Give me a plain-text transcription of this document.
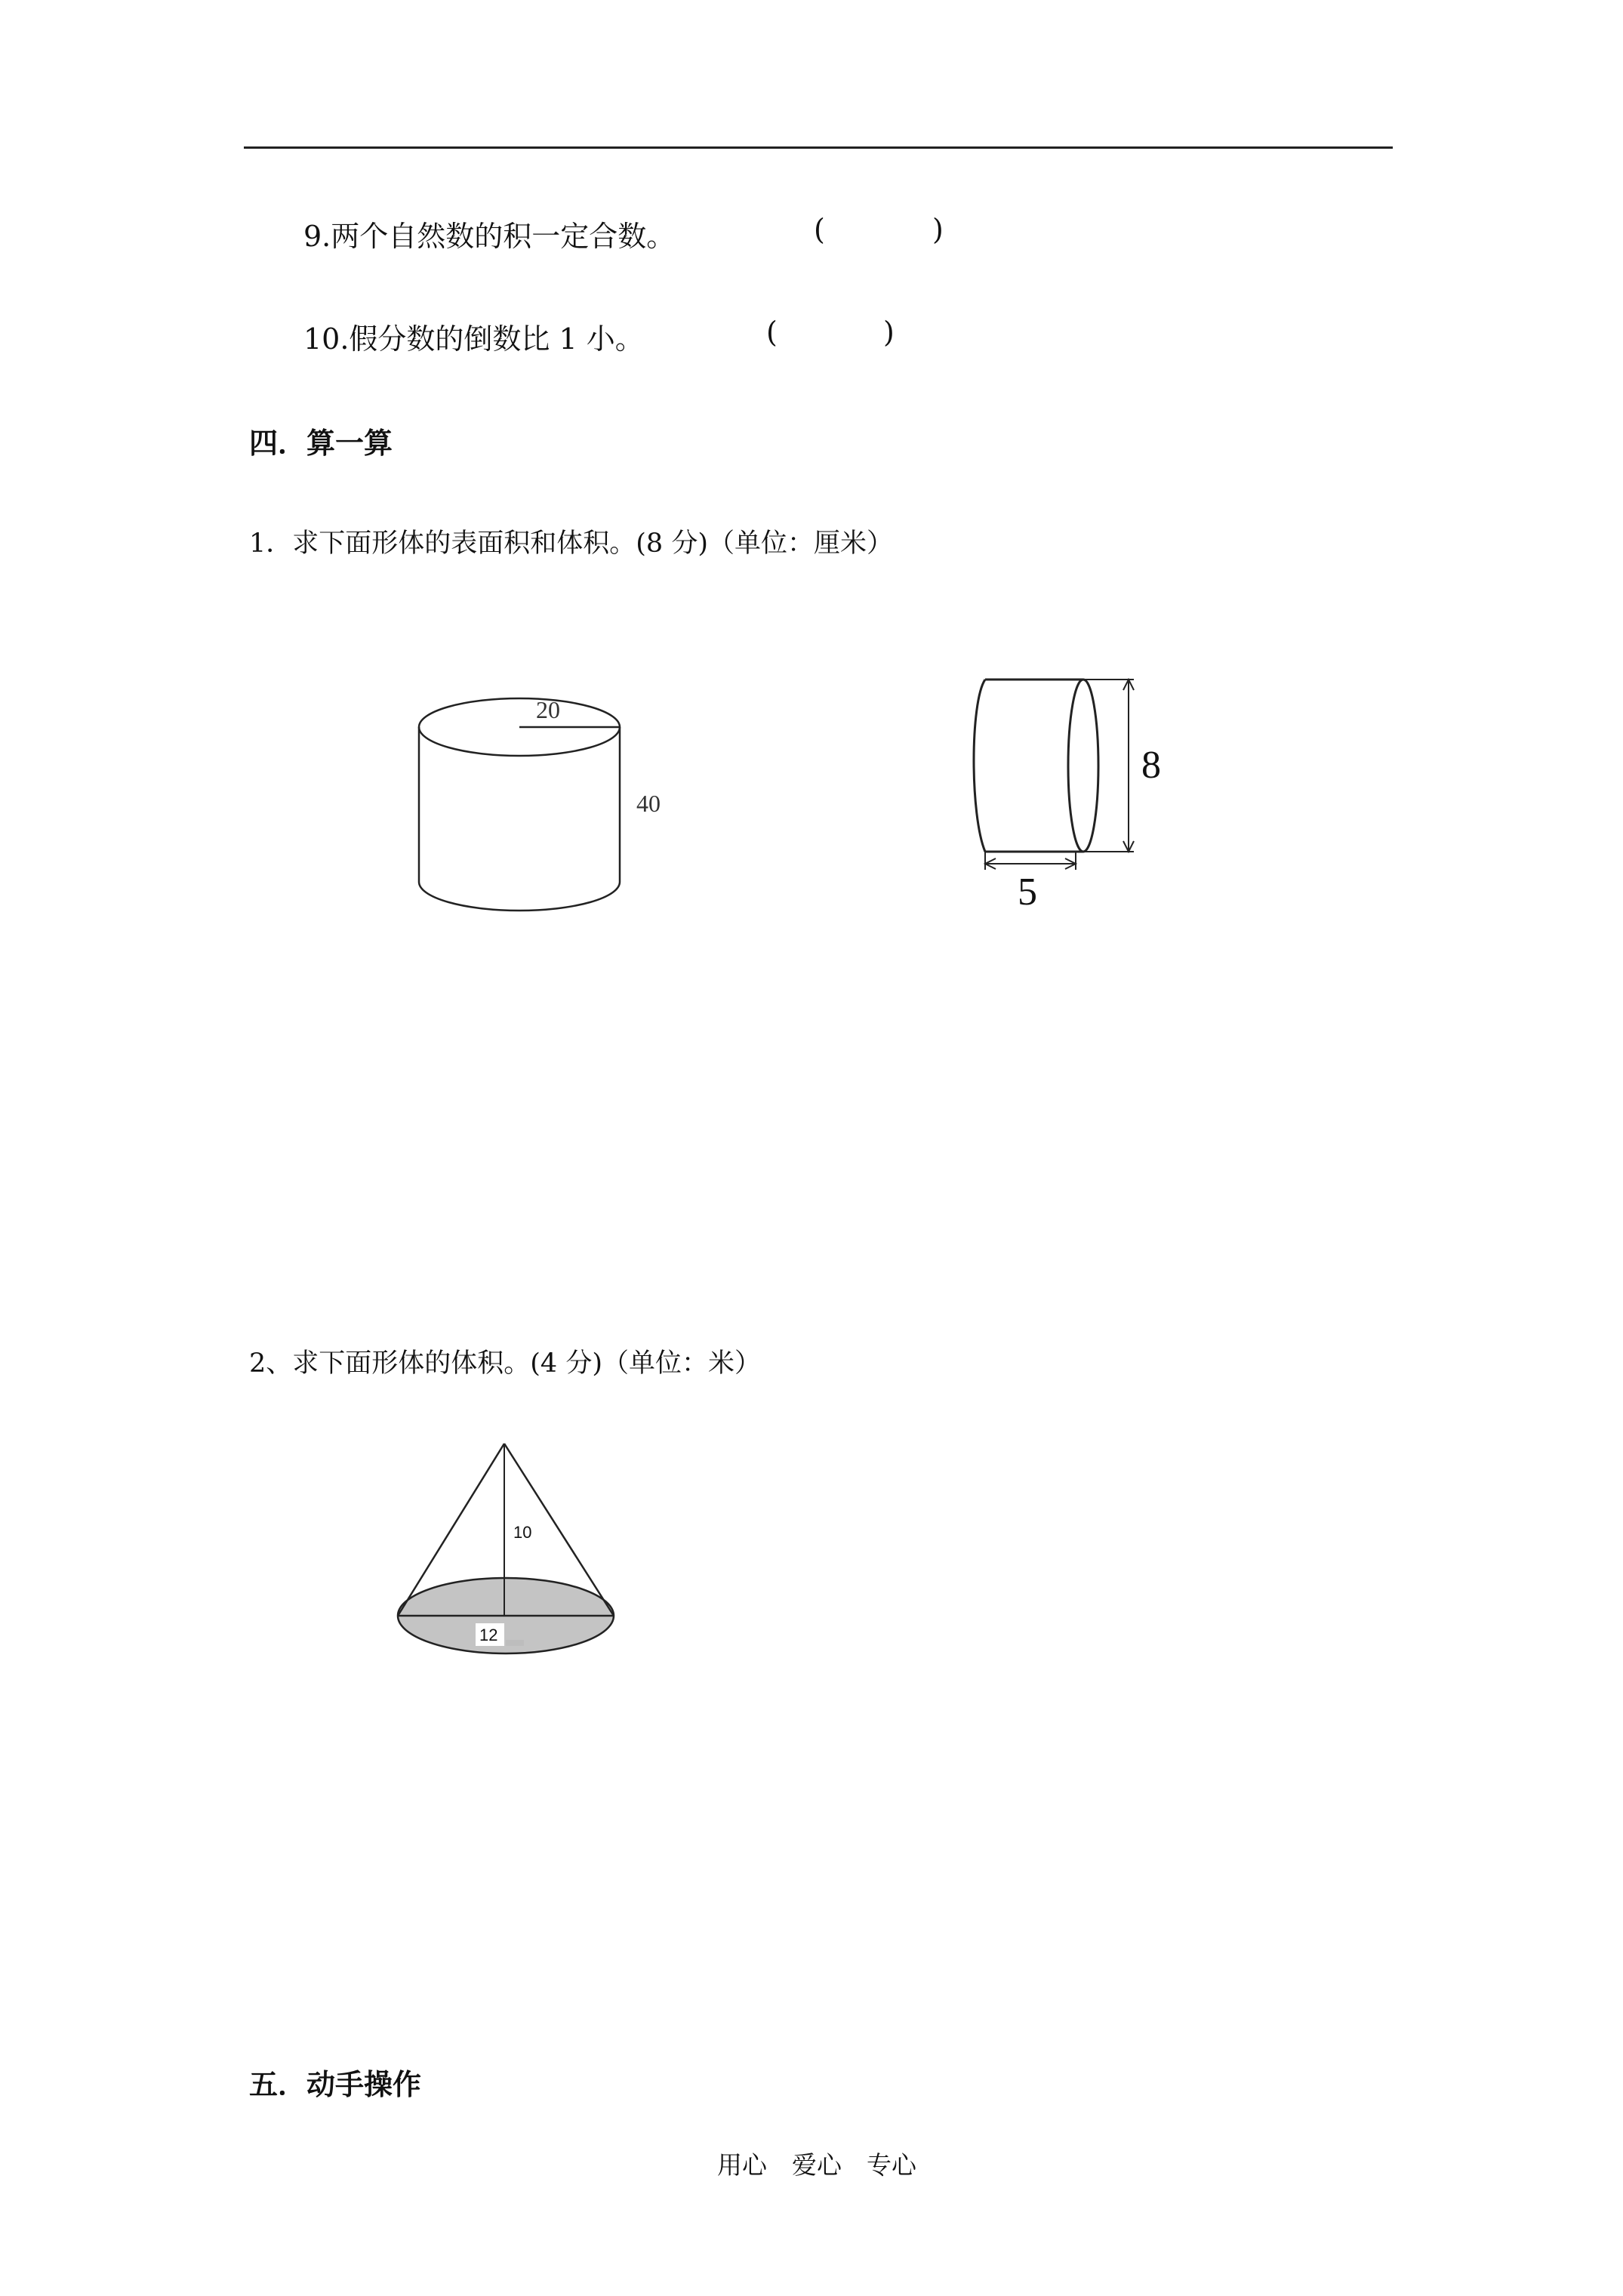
9.两个自然数的积一定合数。	(	)
10.假分数的倒数比 1 小。	(	)
四．算一算
1．求下面形体的表面积和体积。(8 分)（单位：厘米）
20
40
8
5
2、求下面形体的体积。(4 分)（单位：米）
10
12
五．动手操作
用心　爱心　专心
